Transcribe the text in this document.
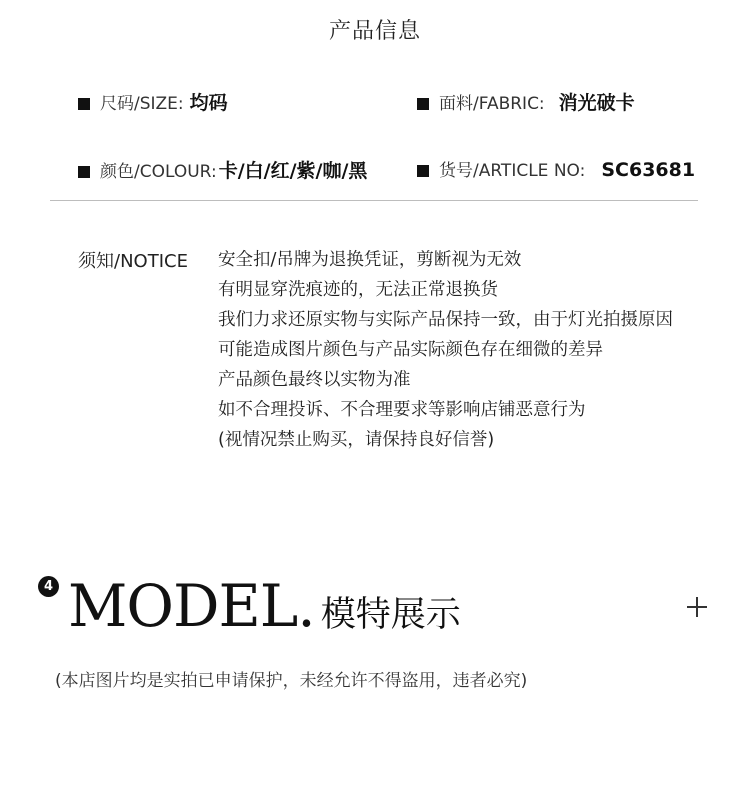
产品信息
尺码/SIZE: 均码	面料/FABRIC: 消光破卡
颜色/COLOUR: 卡/白/红/紫/咖/黑	货号/ARTICLE NO: SC63681
须知/NOTICE 安全扣/吊牌为退换凭证，剪断视为无效
有明显穿洗痕迹的，无法正常退换货
我们力求还原实物与实际产品保持一致，由于灯光拍摄原因
可能造成图片颜色与产品实际颜色存在细微的差异
产品颜色最终以实物为准
如不合理投诉、不合理要求等影响店铺恶意行为
(视情况禁止购买，请保持良好信誉)
4 MODEL. 模特展示
(本店图片均是实拍已申请保护，未经允许不得盗用，违者必究)
